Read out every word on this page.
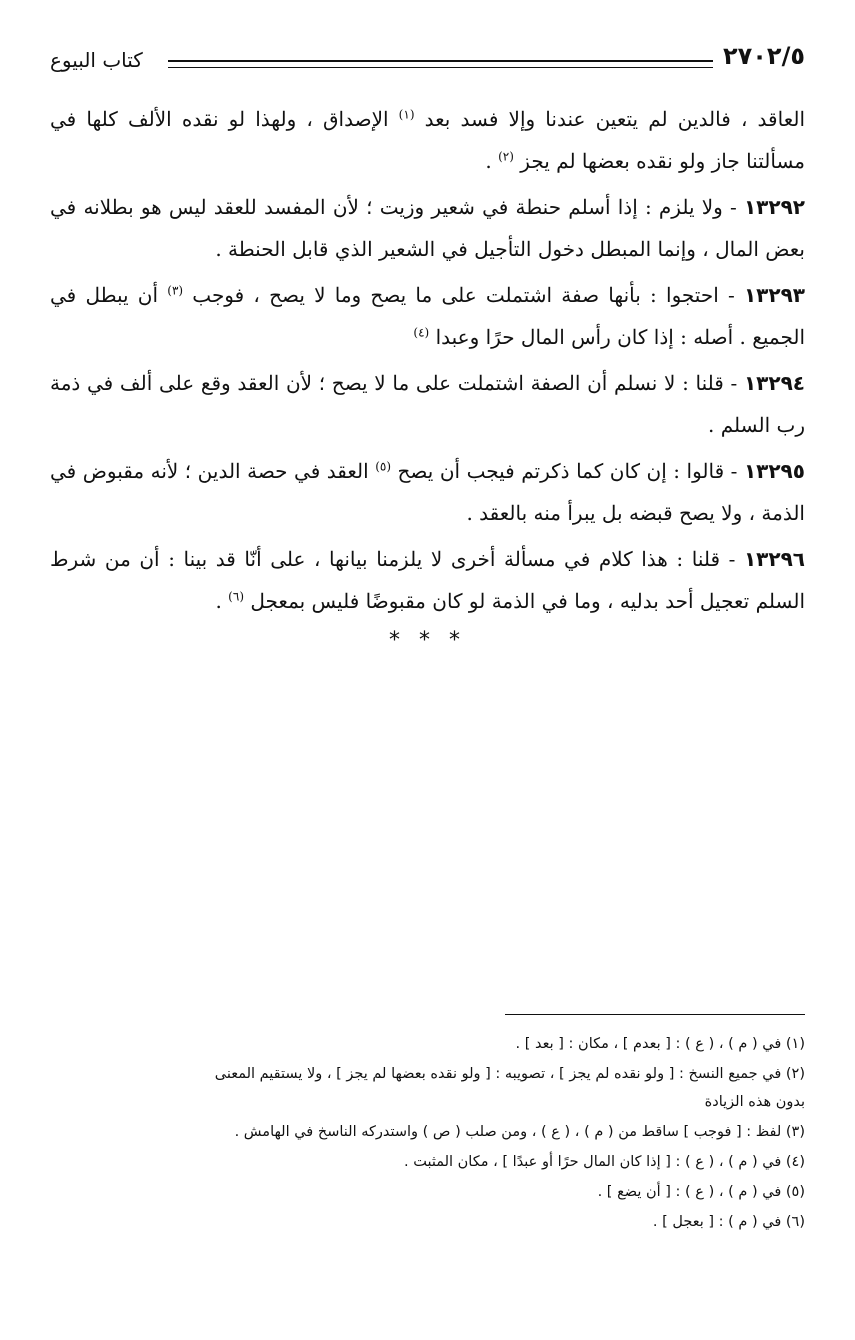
٢٧٠٢/٥
كتاب البيوع

العاقد ، فالدين لم يتعين عندنا وإلا فسد بعد $^{(١)}$ الإصداق ، ولهذا لو نقده الألف كلها في مسألتنا جاز ولو نقده بعضها لم يجز $^{(٢)}$ .

١٣٢٩٢ - ولا يلزم : إذا أسلم حنطة في شعير وزيت ؛ لأن المفسد للعقد ليس هو بطلانه في بعض المال ، وإنما المبطل دخول التأجيل في الشعير الذي قابل الحنطة .

١٣٢٩٣ - احتجوا : بأنها صفة اشتملت على ما يصح وما لا يصح ، فوجب $^{(٣)}$ أن يبطل في الجميع . أصله : إذا كان رأس المال حرًا وعبدا $^{(٤)}$

١٣٢٩٤ - قلنا : لا نسلم أن الصفة اشتملت على ما لا يصح ؛ لأن العقد وقع على ألف في ذمة رب السلم .

١٣٢٩٥ - قالوا : إن كان كما ذكرتم فيجب أن يصح $^{(٥)}$ العقد في حصة الدين ؛ لأنه مقبوض في الذمة ، ولا يصح قبضه بل يبرأ منه بالعقد .

١٣٢٩٦ - قلنا : هذا كلام في مسألة أخرى لا يلزمنا بيانها ، على أنّا قد بينا : أن من شرط السلم تعجيل أحد بدليه ، وما في الذمة لو كان مقبوضًا فليس بمعجل $^{(٦)}$ .

* * *

(١) في ( م ) ، ( ع ) : [ بعدم ] ، مكان : [ بعد ] .

(٢) في جميع النسخ : [ ولو نقده لم يجز ] ، تصويبه : [ ولو نقده بعضها لم يجز ] ، ولا يستقيم المعنى

بدون هذه الزيادة

(٣) لفظ : [ فوجب ] ساقط من ( م ) ، ( ع ) ، ومن صلب ( ص ) واستدركه الناسخ في الهامش .

(٤) في ( م ) ، ( ع ) : [ إذا كان المال حرًا أو عبدًا ] ، مكان المثبت .

(٥) في ( م ) ، ( ع ) : [ أن يضع ] .

(٦) في ( م ) : [ بعجل ] .
